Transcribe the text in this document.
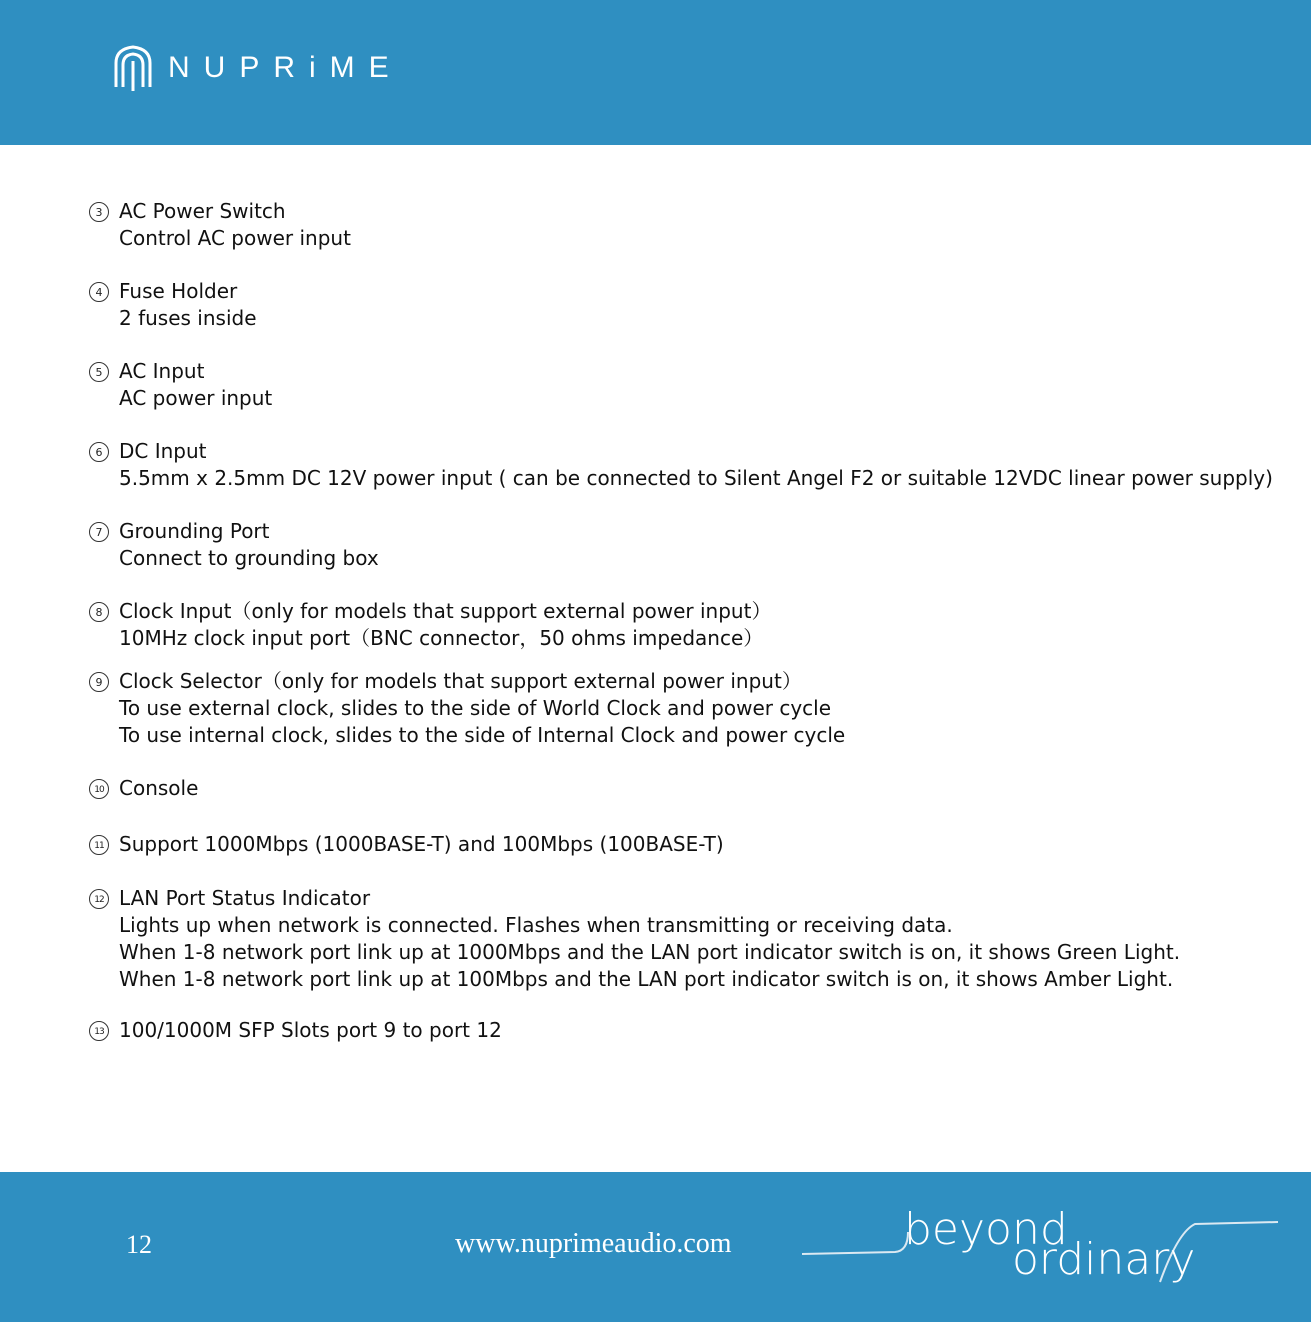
NUPRiME
3 AC Power Switch
Control AC power input
4 Fuse Holder
2 fuses inside
5 AC Input
AC power input
6 DC Input
5.5mm x 2.5mm DC 12V power input ( can be connected to Silent Angel F2 or suitable 12VDC linear power supply)
7 Grounding Port
Connect to grounding box
8 Clock Input（only for models that support external power input）
10MHz clock input port（BNC connector，50 ohms impedance）
9 Clock Selector（only for models that support external power input）
To use external clock, slides to the side of World Clock and power cycle
To use internal clock, slides to the side of Internal Clock and power cycle
10 Console
11 Support 1000Mbps (1000BASE-T) and 100Mbps (100BASE-T)
12 LAN Port Status Indicator
Lights up when network is connected. Flashes when transmitting or receiving data.
When 1-8 network port link up at 1000Mbps and the LAN port indicator switch is on, it shows Green Light.
When 1-8 network port link up at 100Mbps and the LAN port indicator switch is on, it shows Amber Light.
13 100/1000M SFP Slots port 9 to port 12
12	www.nuprimeaudio.com	beyond
ordinary
